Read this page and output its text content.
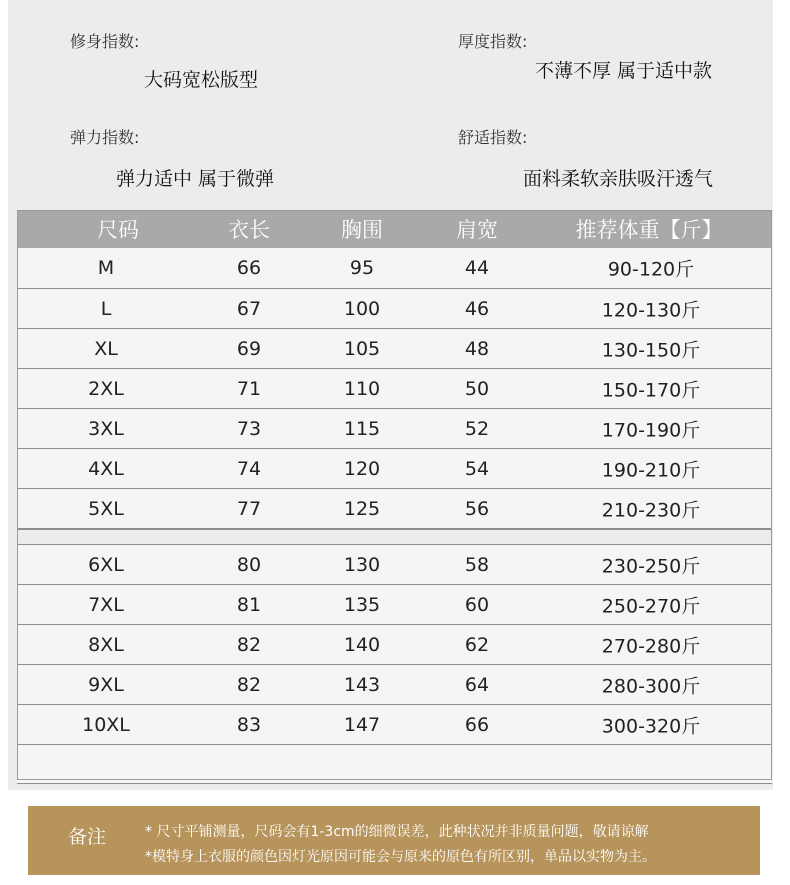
修身指数:
大码宽松版型
厚度指数:
不薄不厚 属于适中款
弹力指数:
弹力适中 属于微弹
舒适指数:
面料柔软亲肤吸汗透气
尺码	衣长	胸围	肩宽	推荐体重【斤】
M	66	95	44	90-120斤
L	67	100	46	120-130斤
XL	69	105	48	130-150斤
2XL	71	110	50	150-170斤
3XL	73	115	52	170-190斤
4XL	74	120	54	190-210斤
5XL	77	125	56	210-230斤
6XL	80	130	58	230-250斤
7XL	81	135	60	250-270斤
8XL	82	140	62	270-280斤
9XL	82	143	64	280-300斤
10XL	83	147	66	300-320斤
备注	* 尺寸平铺测量，尺码会有1-3cm的细微误差，此种状况并非质量问题，敬请谅解
*模特身上衣服的颜色因灯光原因可能会与原来的原色有所区别，单品以实物为主。
